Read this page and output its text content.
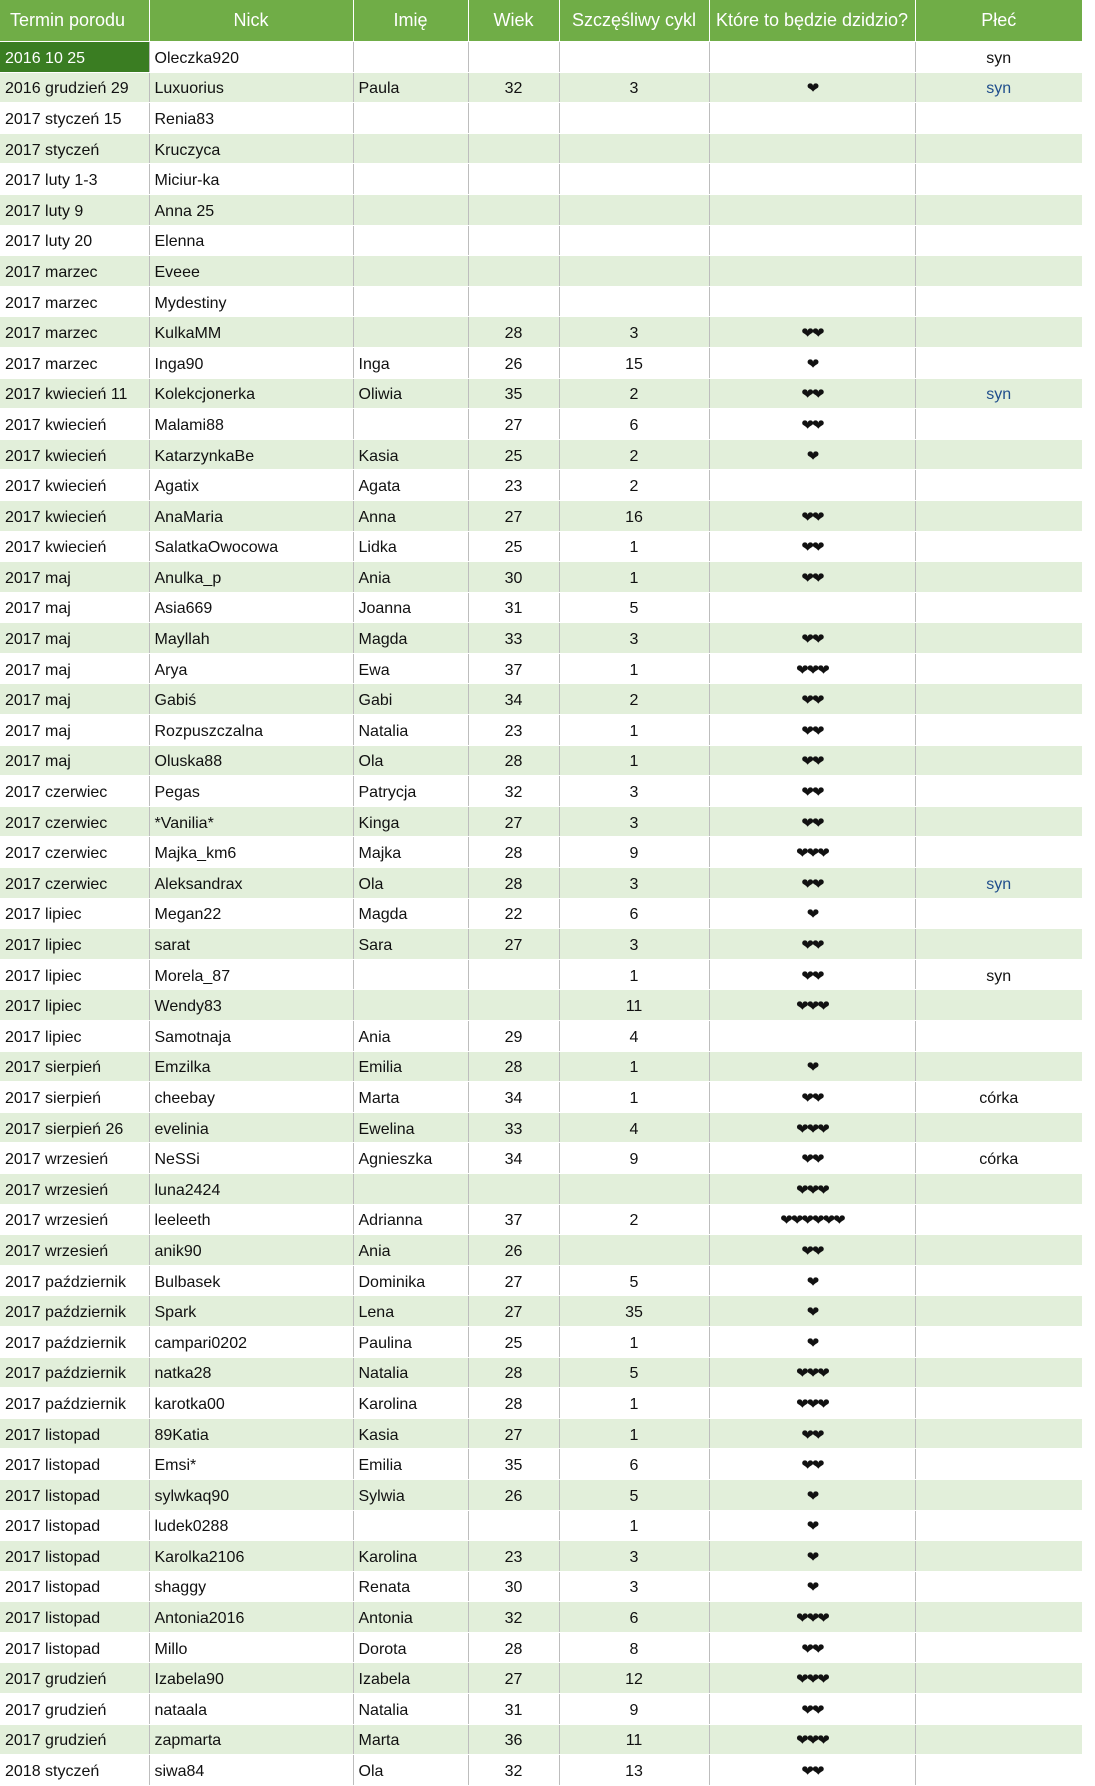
Termin porodu	Nick	Imię	Wiek	Szczęśliwy cykl	Które to będzie dzidzio?	Płeć
2016 10 25	Oleczka920					syn
2016 grudzień 29	Luxuorius	Paula	32	3	❤	syn
2017 styczeń 15	Renia83					
2017 styczeń	Kruczyca					
2017 luty 1-3	Miciur-ka					
2017 luty 9	Anna 25					
2017 luty 20	Elenna					
2017 marzec	Eveee					
2017 marzec	Mydestiny					
2017 marzec	KulkaMM		28	3	❤❤	
2017 marzec	Inga90	Inga	26	15	❤	
2017 kwiecień 11	Kolekcjonerka	Oliwia	35	2	❤❤	syn
2017 kwiecień	Malami88		27	6	❤❤	
2017 kwiecień	KatarzynkaBe	Kasia	25	2	❤	
2017 kwiecień	Agatix	Agata	23	2		
2017 kwiecień	AnaMaria	Anna	27	16	❤❤	
2017 kwiecień	SalatkaOwocowa	Lidka	25	1	❤❤	
2017 maj	Anulka_p	Ania	30	1	❤❤	
2017 maj	Asia669	Joanna	31	5		
2017 maj	Mayllah	Magda	33	3	❤❤	
2017 maj	Arya	Ewa	37	1	❤❤❤	
2017 maj	Gabiś	Gabi	34	2	❤❤	
2017 maj	Rozpuszczalna	Natalia	23	1	❤❤	
2017 maj	Oluska88	Ola	28	1	❤❤	
2017 czerwiec	Pegas	Patrycja	32	3	❤❤	
2017 czerwiec	*Vanilia*	Kinga	27	3	❤❤	
2017 czerwiec	Majka_km6	Majka	28	9	❤❤❤	
2017 czerwiec	Aleksandrax	Ola	28	3	❤❤	syn
2017 lipiec	Megan22	Magda	22	6	❤	
2017 lipiec	sarat	Sara	27	3	❤❤	
2017 lipiec	Morela_87			1	❤❤	syn
2017 lipiec	Wendy83			11	❤❤❤	
2017 lipiec	Samotnaja	Ania	29	4		
2017 sierpień	Emzilka	Emilia	28	1	❤	
2017 sierpień	cheebay	Marta	34	1	❤❤	córka
2017 sierpień 26	evelinia	Ewelina	33	4	❤❤❤	
2017 wrzesień	NeSSi	Agnieszka	34	9	❤❤	córka
2017 wrzesień	luna2424				❤❤❤	
2017 wrzesień	leeleeth	Adrianna	37	2	❤❤❤❤❤❤	
2017 wrzesień	anik90	Ania	26		❤❤	
2017 październik	Bulbasek	Dominika	27	5	❤	
2017 październik	Spark	Lena	27	35	❤	
2017 październik	campari0202	Paulina	25	1	❤	
2017 październik	natka28	Natalia	28	5	❤❤❤	
2017 październik	karotka00	Karolina	28	1	❤❤❤	
2017 listopad	89Katia	Kasia	27	1	❤❤	
2017 listopad	Emsi*	Emilia	35	6	❤❤	
2017 listopad	sylwkaq90	Sylwia	26	5	❤	
2017 listopad	ludek0288			1	❤	
2017 listopad	Karolka2106	Karolina	23	3	❤	
2017 listopad	shaggy	Renata	30	3	❤	
2017 listopad	Antonia2016	Antonia	32	6	❤❤❤	
2017 listopad	Millo	Dorota	28	8	❤❤	
2017 grudzień	Izabela90	Izabela	27	12	❤❤❤	
2017 grudzień	nataala	Natalia	31	9	❤❤	
2017 grudzień	zapmarta	Marta	36	11	❤❤❤	
2018 styczeń	siwa84	Ola	32	13	❤❤	
